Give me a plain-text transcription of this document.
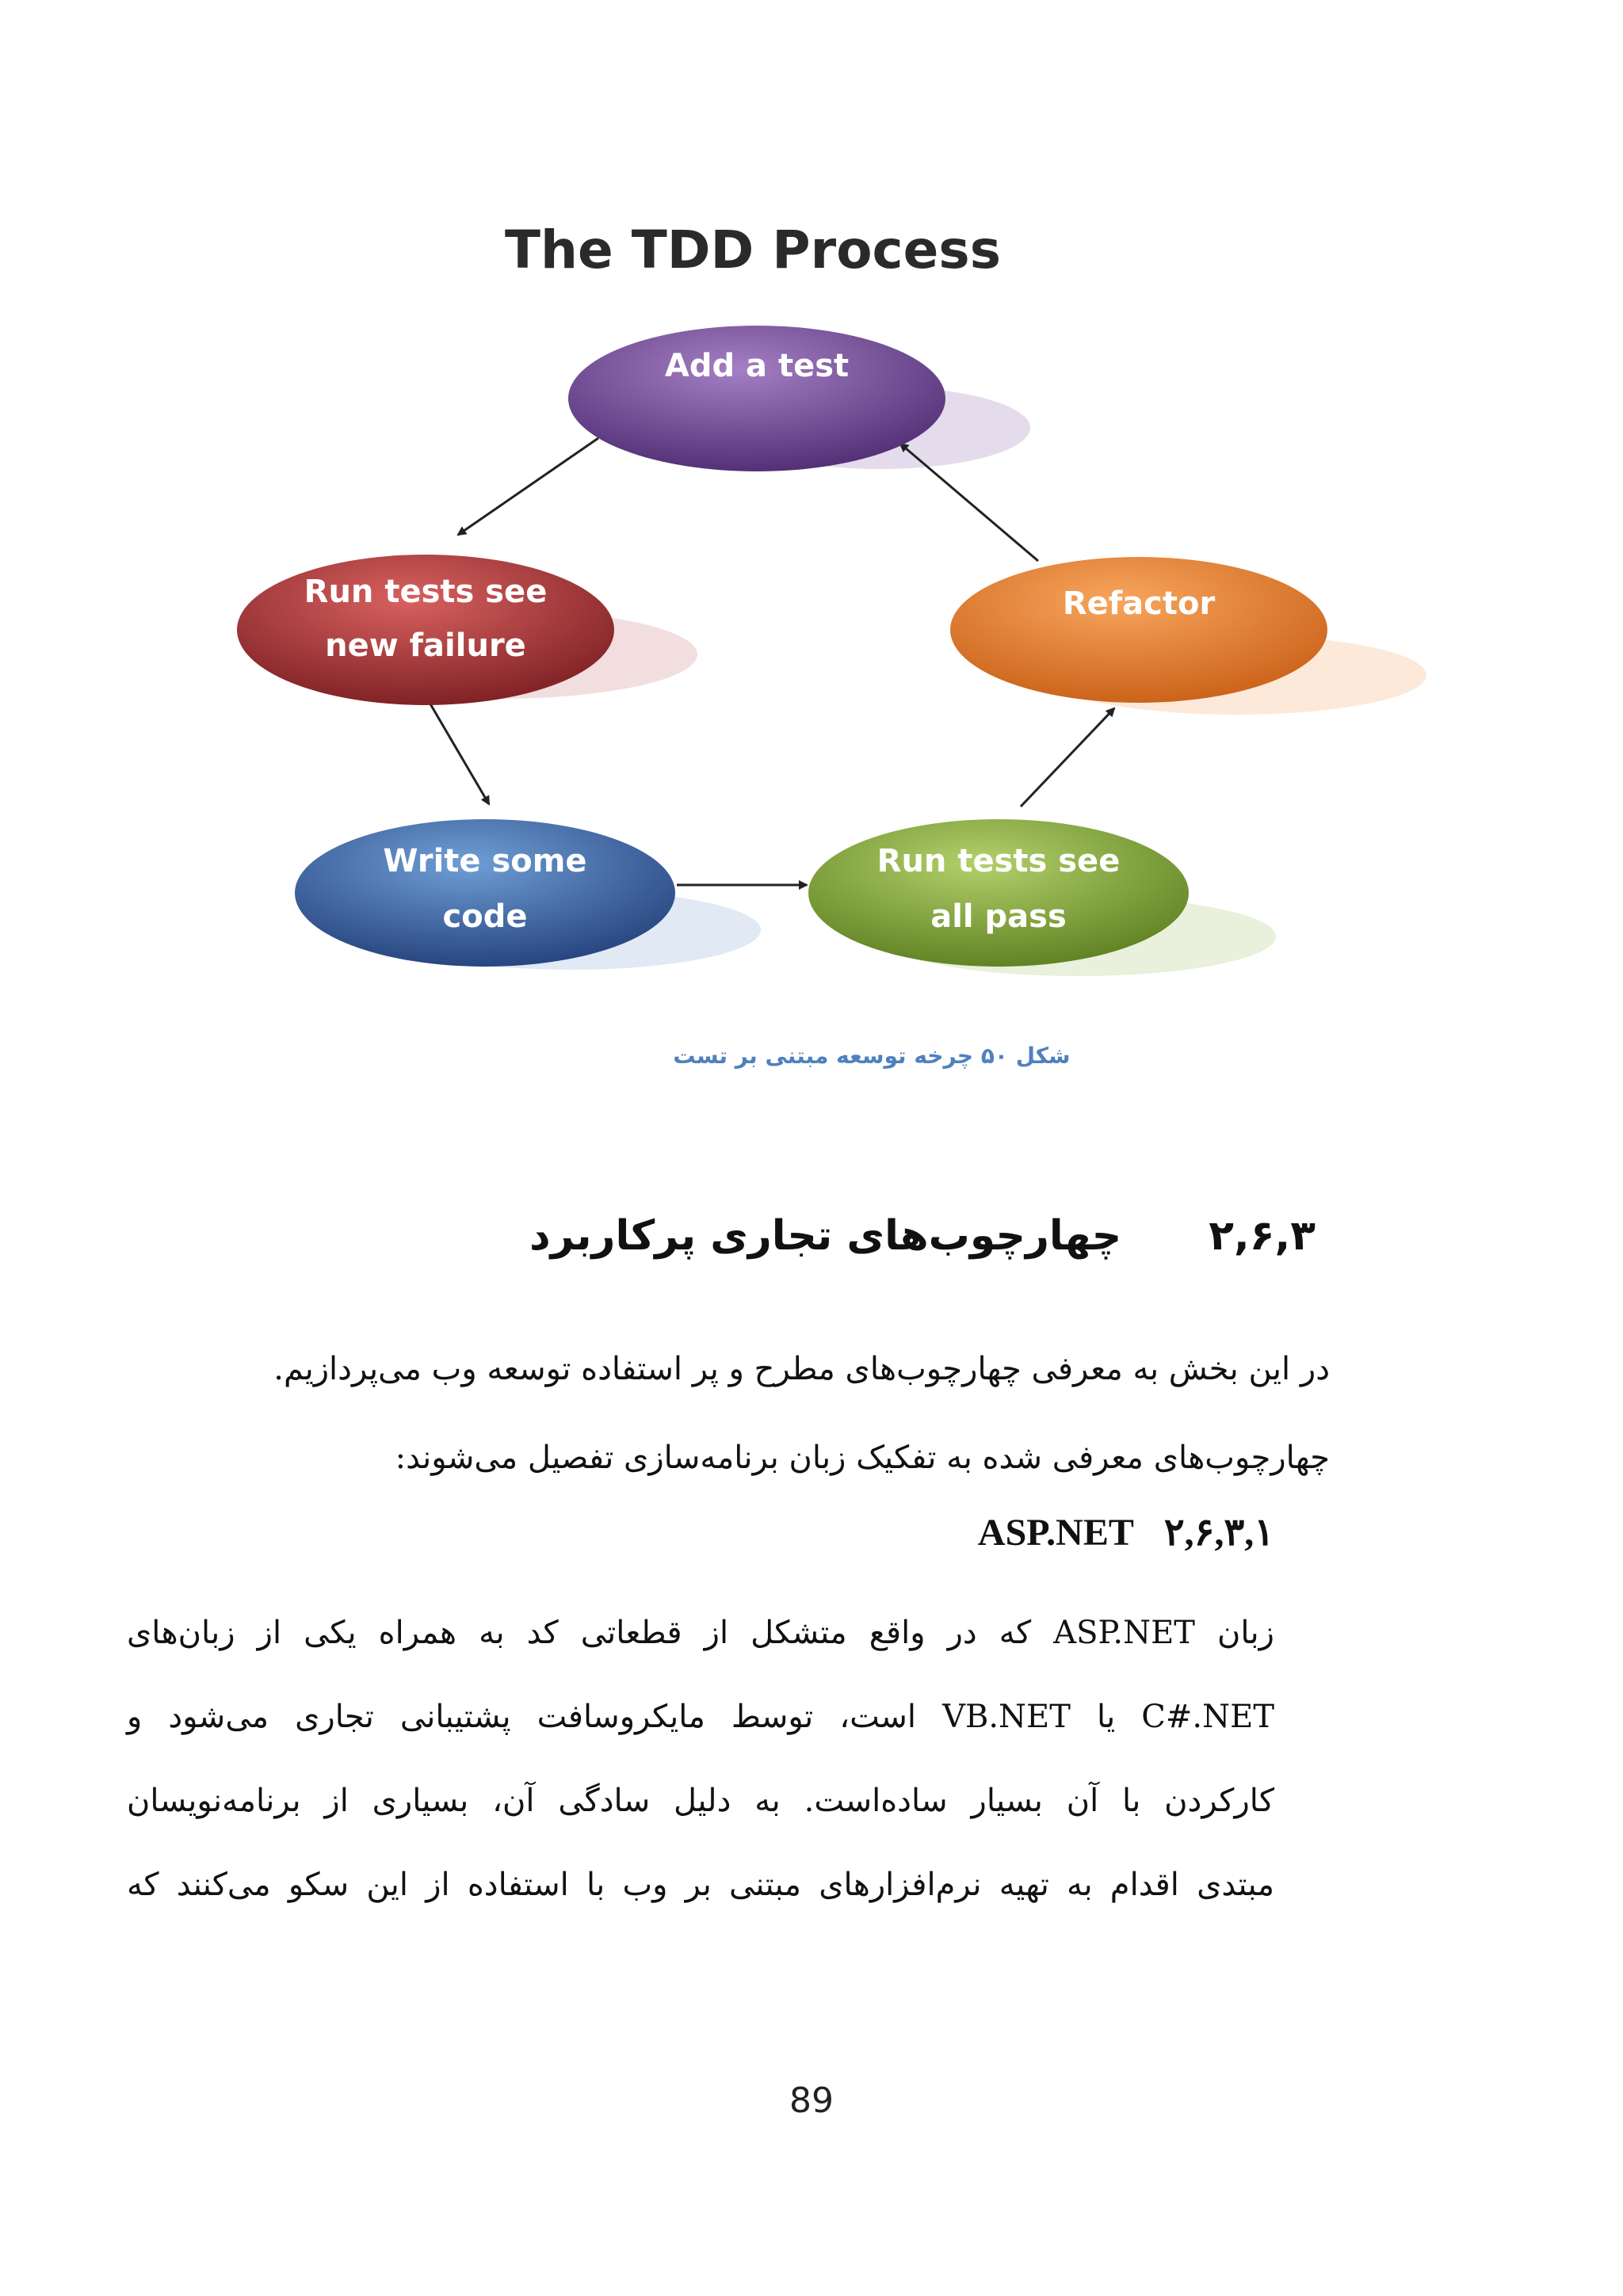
The TDD Process
Add a test
Run tests see
new failure
Refactor
Write some
code
Run tests see
all pass
شکل ۵۰ چرخه توسعه مبتنی بر تست
۲,۶,۳
چهارچوب‌های تجاری پرکاربرد
در این بخش به معرفی چهارچوب‌های مطرح و پر استفاده توسعه وب می‌پردازیم.
چهارچوب‌های معرفی شده به تفکیک زبان برنامه‌سازی تفصیل می‌شوند:
۲,۶,۳,۱ ASP.NET
زبان ASP.NET که در واقع متشکل از قطعاتی کد به همراه یکی از زبان‌های
C#.NET یا VB.NET است، توسط مایکروسافت پشتیبانی تجاری می‌شود و
کارکردن با آن بسیار ساده‌است. به دلیل سادگی آن، بسیاری از برنامه‌نویسان
مبتدی اقدام به تهیه نرم‌افزارهای مبتنی بر وب با استفاده از این سکو می‌کنند که
89
